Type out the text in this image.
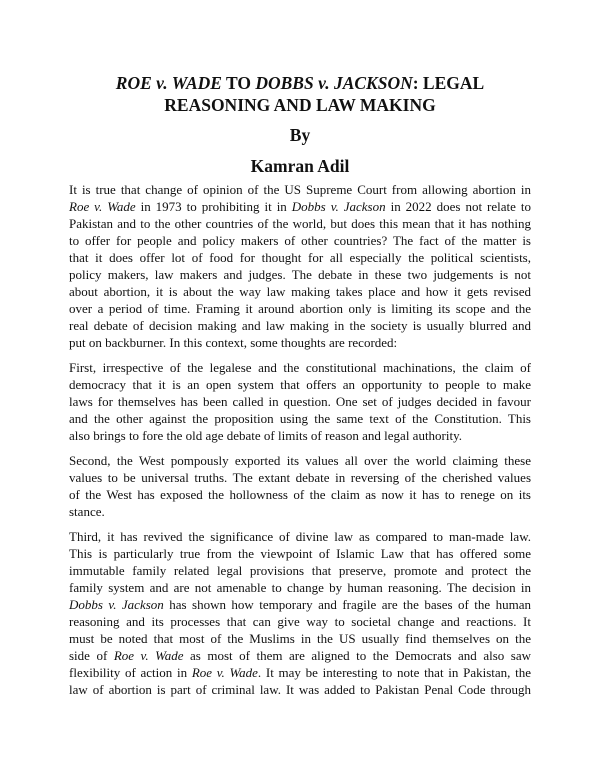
ROE v. WADE TO DOBBS v. JACKSON: LEGAL
REASONING AND LAW MAKING
By
Kamran Adil

It is true that change of opinion of the US Supreme Court from allowing abortion in
Roe v. Wade in 1973 to prohibiting it in Dobbs v. Jackson in 2022 does not relate to
Pakistan and to the other countries of the world, but does this mean that it has nothing
to offer for people and policy makers of other countries? The fact of the matter is
that it does offer lot of food for thought for all especially the political scientists,
policy makers, law makers and judges. The debate in these two judgements is not
about abortion, it is about the way law making takes place and how it gets revised
over a period of time. Framing it around abortion only is limiting its scope and the
real debate of decision making and law making in the society is usually blurred and
put on backburner. In this context, some thoughts are recorded:

First, irrespective of the legalese and the constitutional machinations, the claim of
democracy that it is an open system that offers an opportunity to people to make
laws for themselves has been called in question. One set of judges decided in favour
and the other against the proposition using the same text of the Constitution. This
also brings to fore the old age debate of limits of reason and legal authority.

Second, the West pompously exported its values all over the world claiming these
values to be universal truths. The extant debate in reversing of the cherished values
of the West has exposed the hollowness of the claim as now it has to renege on its
stance.

Third, it has revived the significance of divine law as compared to man-made law.
This is particularly true from the viewpoint of Islamic Law that has offered some
immutable family related legal provisions that preserve, promote and protect the
family system and are not amenable to change by human reasoning. The decision in
Dobbs v. Jackson has shown how temporary and fragile are the bases of the human
reasoning and its processes that can give way to societal change and reactions. It
must be noted that most of the Muslims in the US usually find themselves on the
side of Roe v. Wade as most of them are aligned to the Democrats and also saw
flexibility of action in Roe v. Wade. It may be interesting to note that in Pakistan, the
law of abortion is part of criminal law. It was added to Pakistan Penal Code through
